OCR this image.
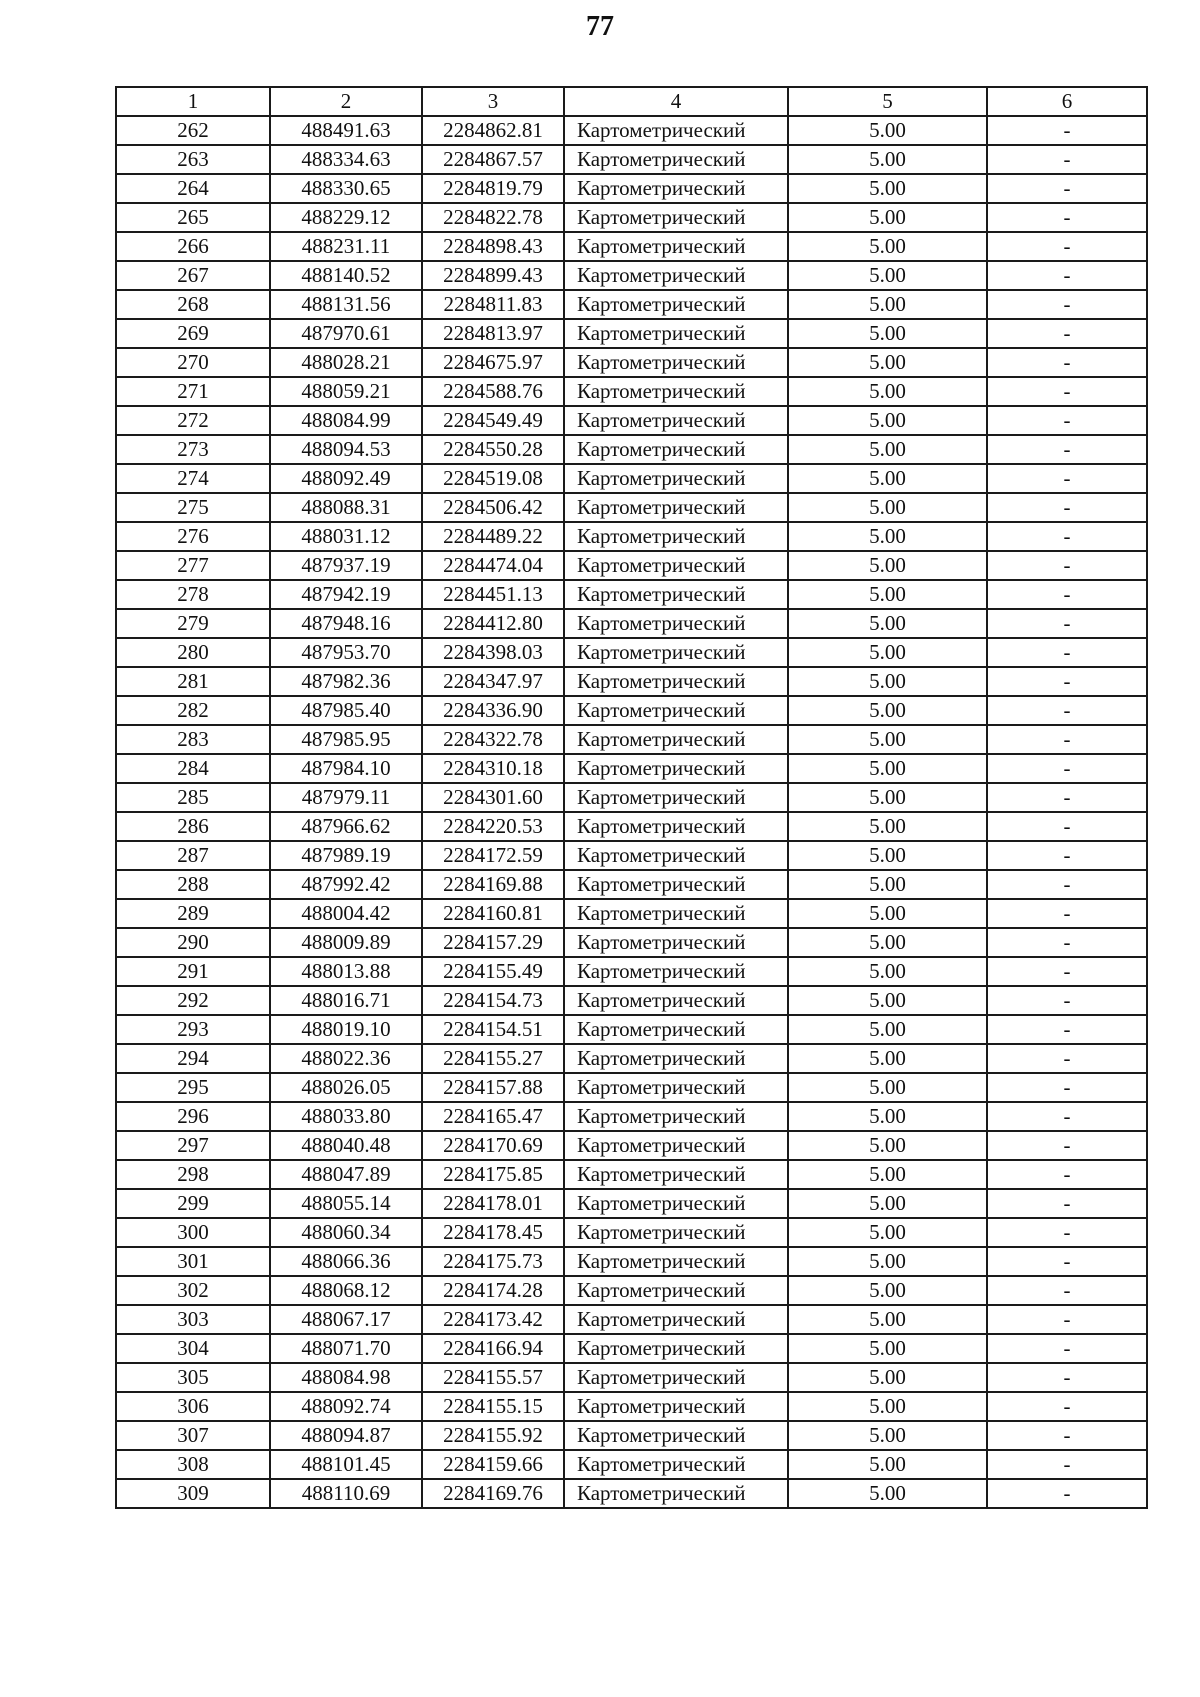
77
1	2	3	4	5	6
262	488491.63	2284862.81	Картометрический	5.00	-
263	488334.63	2284867.57	Картометрический	5.00	-
264	488330.65	2284819.79	Картометрический	5.00	-
265	488229.12	2284822.78	Картометрический	5.00	-
266	488231.11	2284898.43	Картометрический	5.00	-
267	488140.52	2284899.43	Картометрический	5.00	-
268	488131.56	2284811.83	Картометрический	5.00	-
269	487970.61	2284813.97	Картометрический	5.00	-
270	488028.21	2284675.97	Картометрический	5.00	-
271	488059.21	2284588.76	Картометрический	5.00	-
272	488084.99	2284549.49	Картометрический	5.00	-
273	488094.53	2284550.28	Картометрический	5.00	-
274	488092.49	2284519.08	Картометрический	5.00	-
275	488088.31	2284506.42	Картометрический	5.00	-
276	488031.12	2284489.22	Картометрический	5.00	-
277	487937.19	2284474.04	Картометрический	5.00	-
278	487942.19	2284451.13	Картометрический	5.00	-
279	487948.16	2284412.80	Картометрический	5.00	-
280	487953.70	2284398.03	Картометрический	5.00	-
281	487982.36	2284347.97	Картометрический	5.00	-
282	487985.40	2284336.90	Картометрический	5.00	-
283	487985.95	2284322.78	Картометрический	5.00	-
284	487984.10	2284310.18	Картометрический	5.00	-
285	487979.11	2284301.60	Картометрический	5.00	-
286	487966.62	2284220.53	Картометрический	5.00	-
287	487989.19	2284172.59	Картометрический	5.00	-
288	487992.42	2284169.88	Картометрический	5.00	-
289	488004.42	2284160.81	Картометрический	5.00	-
290	488009.89	2284157.29	Картометрический	5.00	-
291	488013.88	2284155.49	Картометрический	5.00	-
292	488016.71	2284154.73	Картометрический	5.00	-
293	488019.10	2284154.51	Картометрический	5.00	-
294	488022.36	2284155.27	Картометрический	5.00	-
295	488026.05	2284157.88	Картометрический	5.00	-
296	488033.80	2284165.47	Картометрический	5.00	-
297	488040.48	2284170.69	Картометрический	5.00	-
298	488047.89	2284175.85	Картометрический	5.00	-
299	488055.14	2284178.01	Картометрический	5.00	-
300	488060.34	2284178.45	Картометрический	5.00	-
301	488066.36	2284175.73	Картометрический	5.00	-
302	488068.12	2284174.28	Картометрический	5.00	-
303	488067.17	2284173.42	Картометрический	5.00	-
304	488071.70	2284166.94	Картометрический	5.00	-
305	488084.98	2284155.57	Картометрический	5.00	-
306	488092.74	2284155.15	Картометрический	5.00	-
307	488094.87	2284155.92	Картометрический	5.00	-
308	488101.45	2284159.66	Картометрический	5.00	-
309	488110.69	2284169.76	Картометрический	5.00	-
